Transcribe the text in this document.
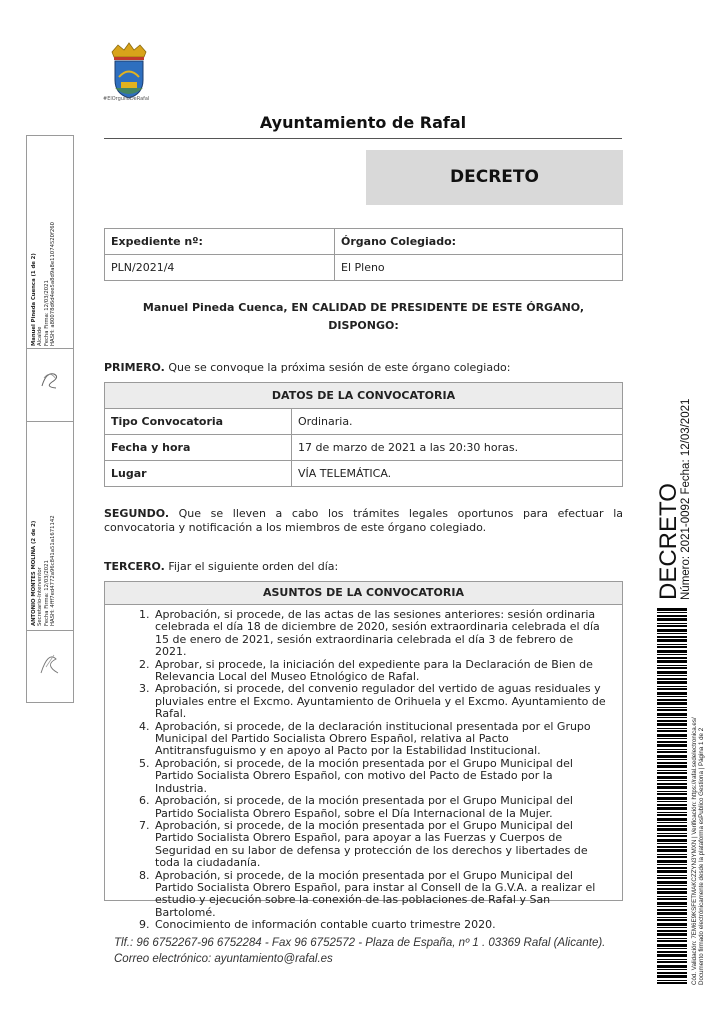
#ElOrgulloDeRafal
Ayuntamiento de Rafal
DECRETO
Expediente nº:	Órgano Colegiado:
PLN/2021/4	El Pleno
Manuel Pineda Cuenca, EN CALIDAD DE PRESIDENTE DE ESTE ÓRGANO,
DISPONGO:
PRIMERO. Que se convoque la próxima sesión de este órgano colegiado:
DATOS DE LA CONVOCATORIA	
Tipo Convocatoria	Ordinaria.
Fecha y hora	17 de marzo de 2021 a las 20:30 horas.
Lugar	VÍA TELEMÁTICA.
SEGUNDO. Que se lleven a cabo los trámites legales oportunos para efectuar la convocatoria y notificación a los miembros de este órgano colegiado.
TERCERO. Fijar el siguiente orden del día:
ASUNTOS DE LA CONVOCATORIA
1. Aprobación, si procede, de las actas de las sesiones anteriores: sesión ordinaria celebrada el día 18 de diciembre de 2020, sesión extraordinaria celebrada el día 15 de enero de 2021, sesión extraordinaria celebrada el día 3 de febrero de 2021.
2. Aprobar, si procede, la iniciación del expediente para la Declaración de Bien de Relevancia Local del Museo Etnológico de Rafal.
3. Aprobación, si procede, del convenio regulador del vertido de aguas residuales y pluviales entre el Excmo. Ayuntamiento de Orihuela y el Excmo. Ayuntamiento de Rafal.
4. Aprobación, si procede, de la declaración institucional presentada por el Grupo Municipal del Partido Socialista Obrero Español, relativa al Pacto Antitransfuguismo y en apoyo al Pacto por la Estabilidad Institucional.
5. Aprobación, si procede, de la moción presentada por el Grupo Municipal del Partido Socialista Obrero Español, con motivo del Pacto de Estado por la Industria.
6. Aprobación, si procede, de la moción presentada por el Grupo Municipal del Partido Socialista Obrero Español, sobre el Día Internacional de la Mujer.
7. Aprobación, si procede, de la moción presentada por el Grupo Municipal del Partido Socialista Obrero Español, para apoyar a las Fuerzas y Cuerpos de Seguridad en su labor de defensa y protección de los derechos y libertades de toda la ciudadanía.
8. Aprobación, si procede, de la moción presentada por el Grupo Municipal del Partido Socialista Obrero Español, para instar al Consell de la G.V.A. a realizar el estudio y ejecución sobre la conexión de las poblaciones de Rafal y San Bartolomé.
9. Conocimiento de información contable cuarto trimestre 2020.
Tlf.: 96 6752267-96 6752284 - Fax 96 6752572 - Plaza de España, nº 1 . 03369 Rafal (Alicante).
Correo electrónico: ayuntamiento@rafal.es
Manuel Pineda Cuenca (1 de 2) Alcalde Fecha Firma: 12/03/2021 HASH: a80078d6d4ee5a8d9a8e11074520f260
ANTONIO MONTES MOLINA (2 de 2) Secretario-Interventor Fecha Firma: 12/03/2021 HASH: 4fff7ed4772a96c841a51a1671142	DECRETO
Número: 2021-0092 Fecha: 12/03/2021
Cód. Validación: 7EM6E9KSFETMAKCZZYN3YMXN | Verificación: https://rafal.sedelectronica.es/ Documento firmado electrónicamente desde la plataforma esPublico Gestiona | Página 1 de 2
